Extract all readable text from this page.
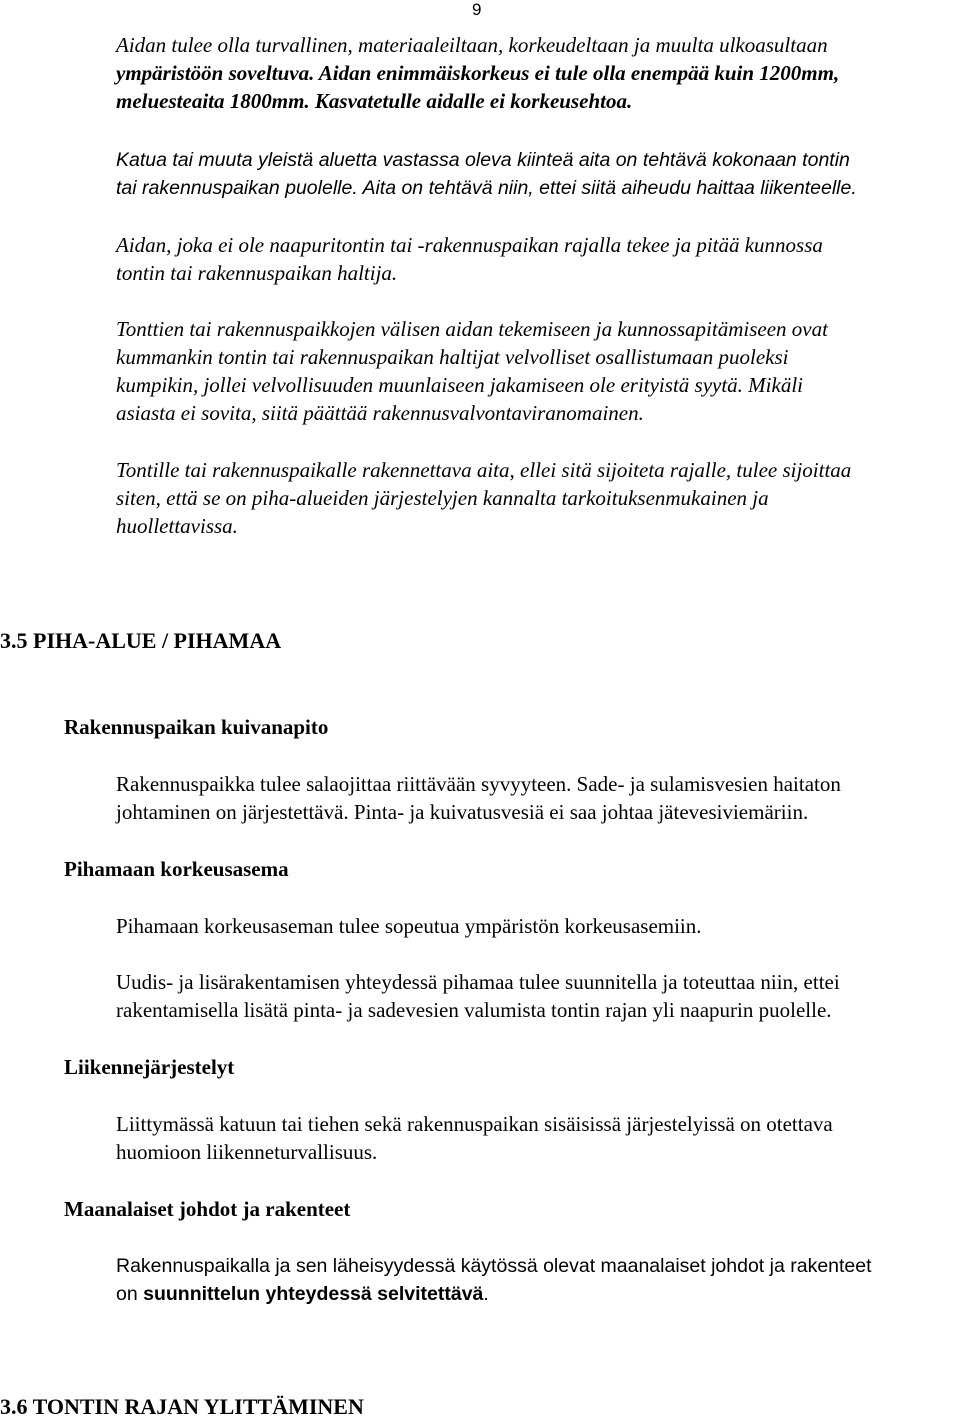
9

Aidan tulee olla turvallinen, materiaaleiltaan, korkeudeltaan ja muulta ulkoasultaan
ympäristöön soveltuva. Aidan enimmäiskorkeus ei tule olla enempää kuin 1200mm,
meluesteaita 1800mm. Kasvatetulle aidalle ei korkeusehtoa.

Katua tai muuta yleistä aluetta vastassa oleva kiinteä aita on tehtävä kokonaan tontin
tai rakennuspaikan puolelle. Aita on tehtävä niin, ettei siitä aiheudu haittaa liikenteelle.

Aidan, joka ei ole naapuritontin tai -rakennuspaikan rajalla tekee ja pitää kunnossa
tontin tai rakennuspaikan haltija.

Tonttien tai rakennuspaikkojen välisen aidan tekemiseen ja kunnossapitämiseen ovat
kummankin tontin tai rakennuspaikan haltijat velvolliset osallistumaan puoleksi
kumpikin, jollei velvollisuuden muunlaiseen jakamiseen ole erityistä syytä. Mikäli
asiasta ei sovita, siitä päättää rakennusvalvontaviranomainen.

Tontille tai rakennuspaikalle rakennettava aita, ellei sitä sijoiteta rajalle, tulee sijoittaa
siten, että se on piha-alueiden järjestelyjen kannalta tarkoituksenmukainen ja
huollettavissa.

3.5 PIHA-ALUE / PIHAMAA
Rakennuspaikan kuivanapito

Rakennuspaikka tulee salaojittaa riittävään syvyyteen. Sade- ja sulamisvesien haitaton
johtaminen on järjestettävä. Pinta- ja kuivatusvesiä ei saa johtaa jätevesiviemäriin.

Pihamaan korkeusasema

Pihamaan korkeusaseman tulee sopeutua ympäristön korkeusasemiin.

Uudis- ja lisärakentamisen yhteydessä pihamaa tulee suunnitella ja toteuttaa niin, ettei
rakentamisella lisätä pinta- ja sadevesien valumista tontin rajan yli naapurin puolelle.

Liikennejärjestelyt

Liittymässä katuun tai tiehen sekä rakennuspaikan sisäisissä järjestelyissä on otettava
huomioon liikenneturvallisuus.

Maanalaiset johdot ja rakenteet

Rakennuspaikalla ja sen läheisyydessä käytössä olevat maanalaiset johdot ja rakenteet
on suunnittelun yhteydessä selvitettävä.

3.6 TONTIN RAJAN YLITTÄMINEN
